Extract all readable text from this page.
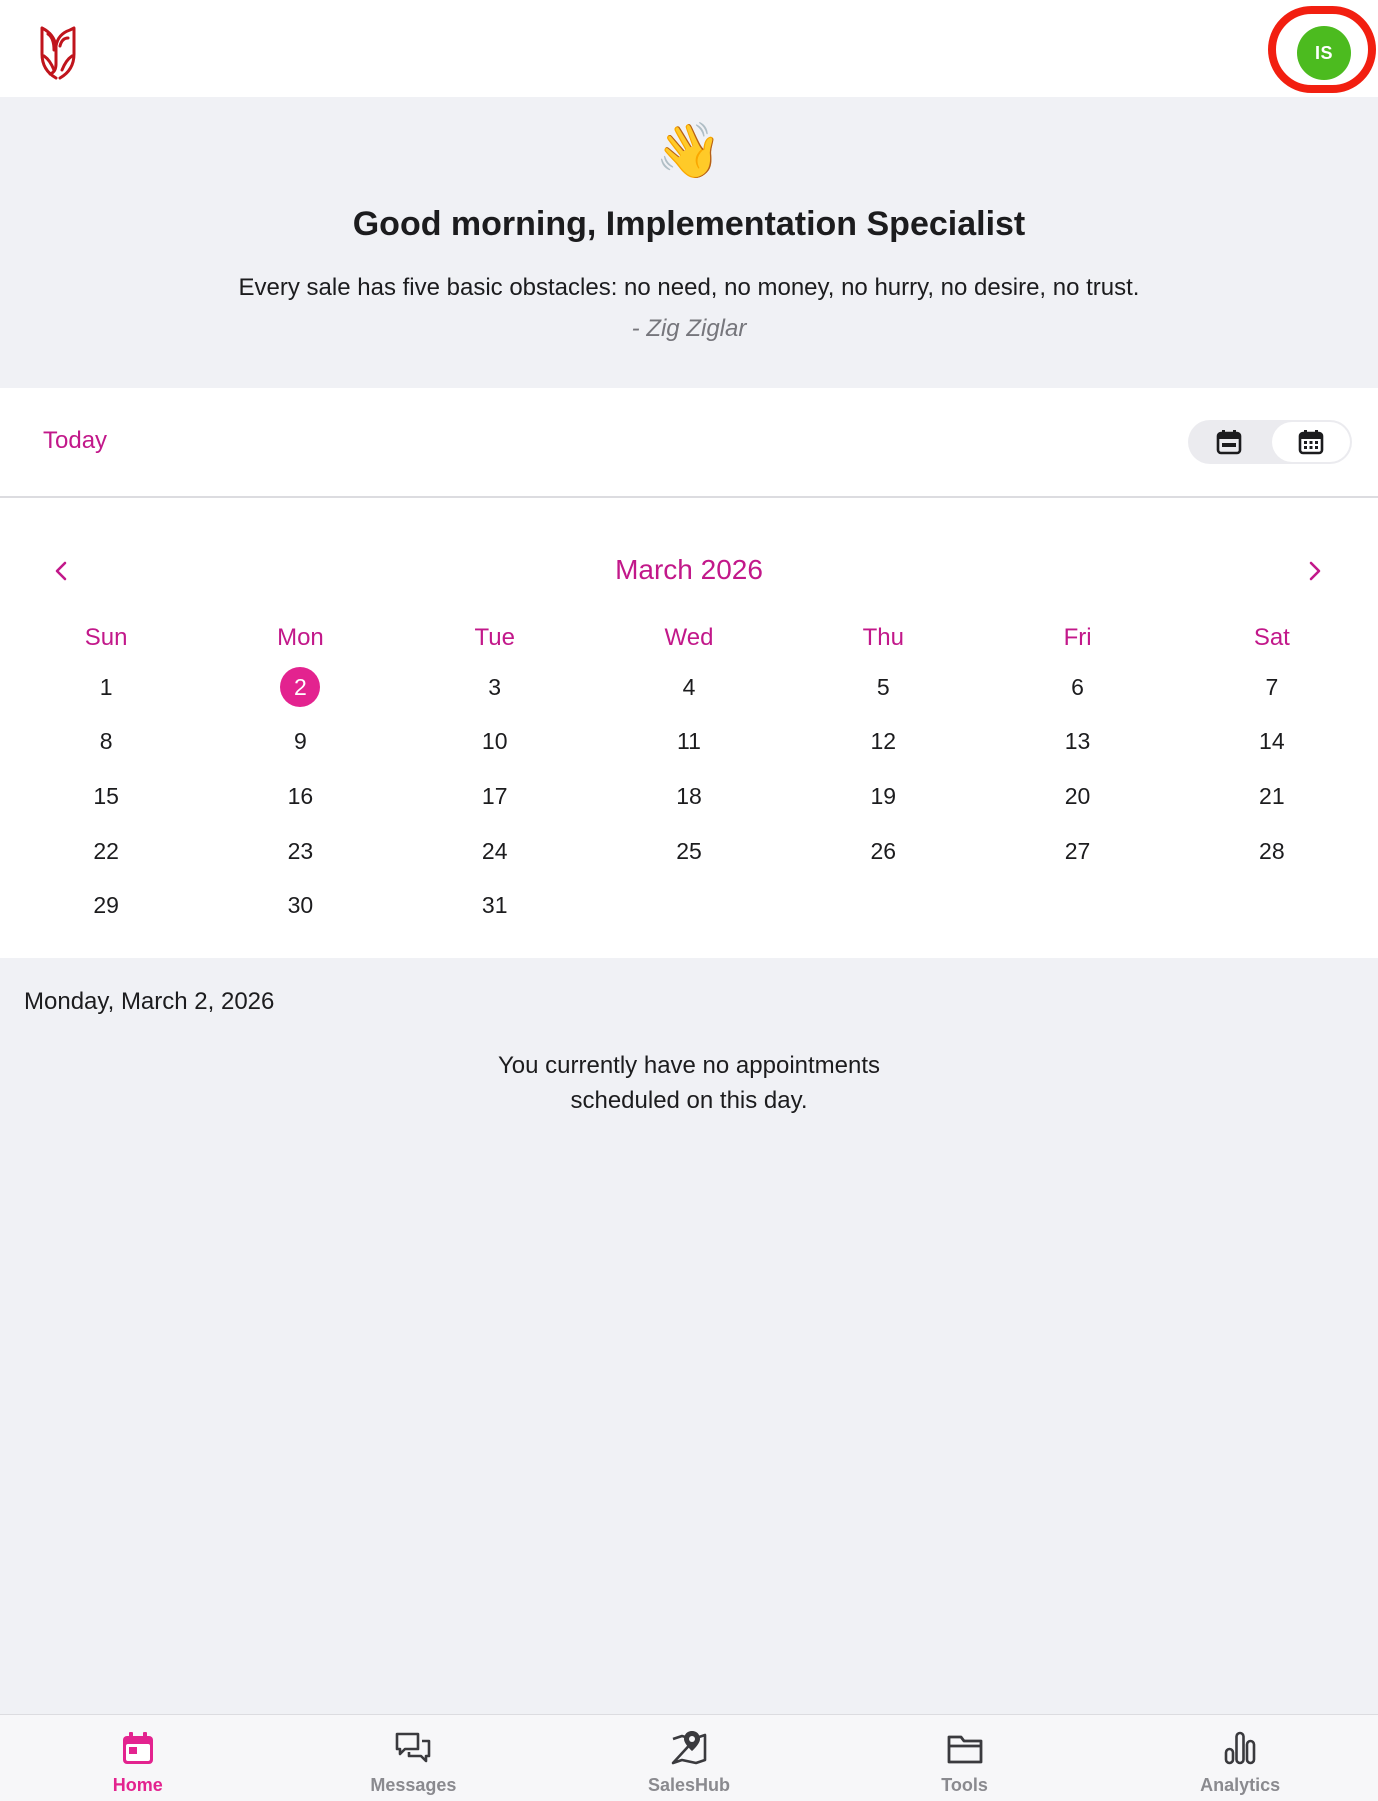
IS
👋
Good morning, Implementation Specialist
Every sale has five basic obstacles: no need, no money, no hurry, no desire, no trust.
- Zig Ziglar
Today
March 2026
Sun	Mon	Tue	Wed	Thu	Fri	Sat
1	2	3	4	5	6	7
8	9	10	11	12	13	14
15	16	17	18	19	20	21
22	23	24	25	26	27	28
29	30	31
Monday, March 2, 2026
You currently have no appointments
scheduled on this day.
Home	Messages	SalesHub	Tools	Analytics
